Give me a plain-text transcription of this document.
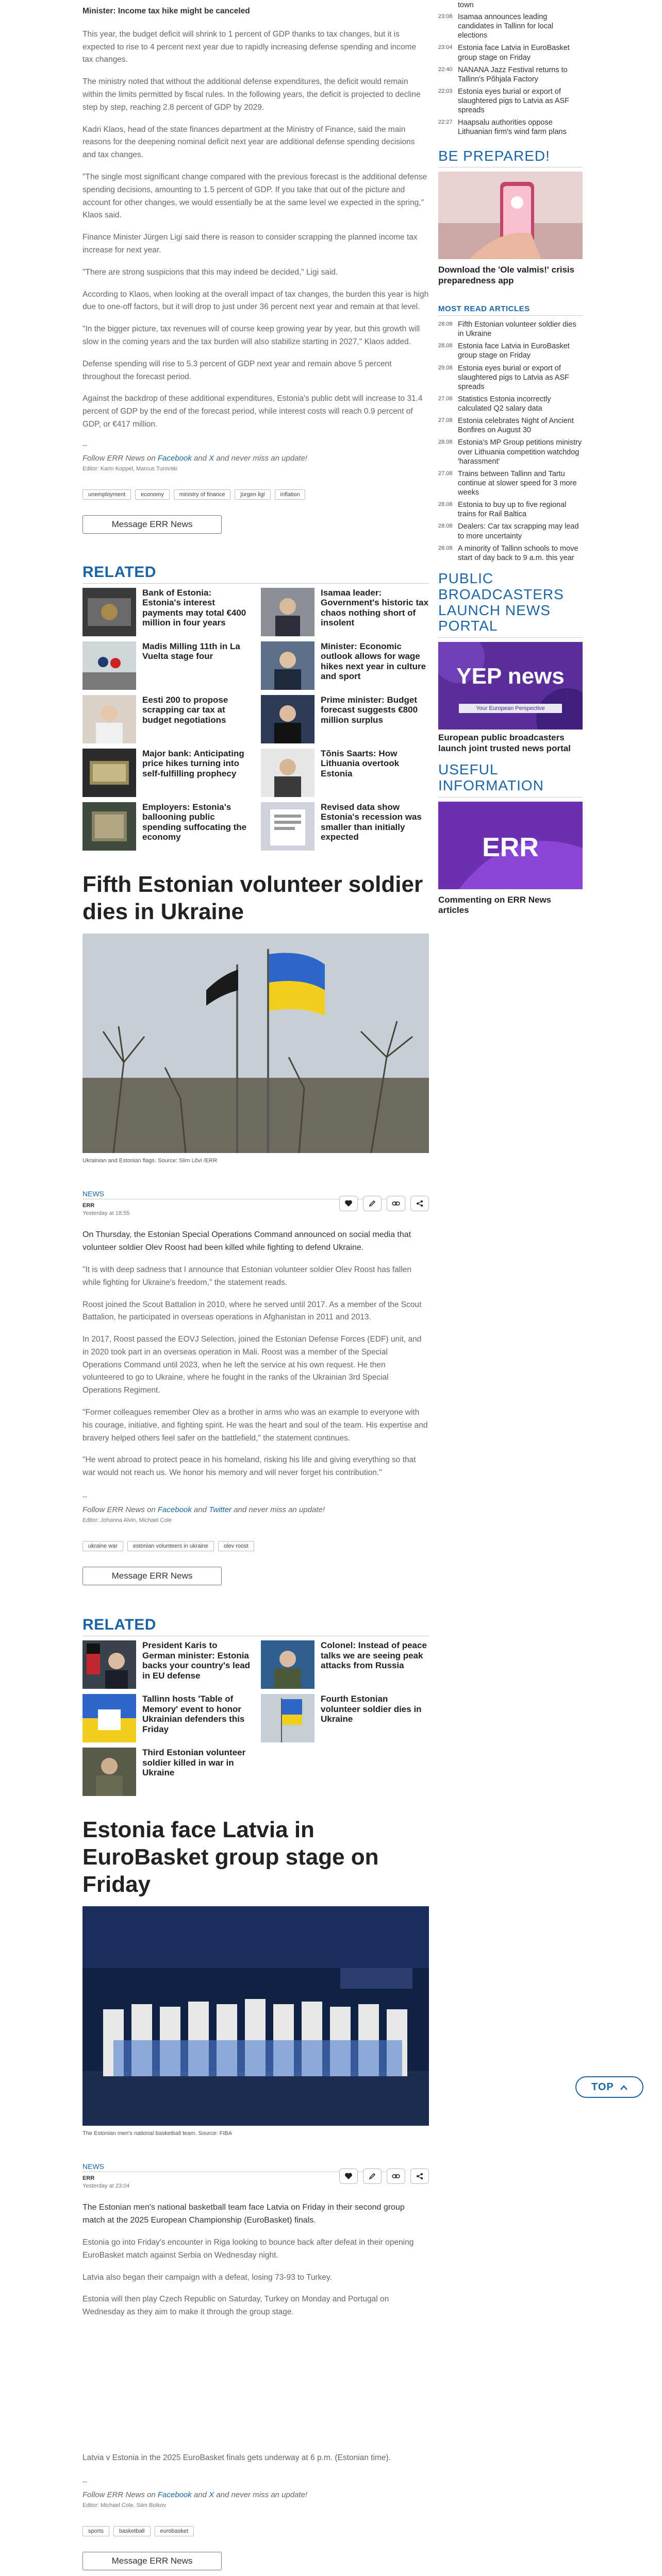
Minister: Income tax hike might be canceled

This year, the budget deficit will shrink to 1 percent of GDP thanks to tax changes, but it is expected to rise to 4 percent next year due to rapidly increasing defense spending and income tax changes.

The ministry noted that without the additional defense expenditures, the deficit would remain within the limits permitted by fiscal rules. In the following years, the deficit is projected to decline step by step, reaching 2.8 percent of GDP by 2029.

Kadri Klaos, head of the state finances department at the Ministry of Finance, said the main reasons for the deepening nominal deficit next year are additional defense spending decisions and tax changes.

"The single most significant change compared with the previous forecast is the additional defense spending decisions, amounting to 1.5 percent of GDP. If you take that out of the picture and account for other changes, we would essentially be at the same level we expected in the spring," Klaos said.

Finance Minister Jürgen Ligi said there is reason to consider scrapping the planned income tax increase for next year.

"There are strong suspicions that this may indeed be decided," Ligi said.

According to Klaos, when looking at the overall impact of tax changes, the burden this year is high due to one-off factors, but it will drop to just under 36 percent next year and remain at that level.

"In the bigger picture, tax revenues will of course keep growing year by year, but this growth will slow in the coming years and the tax burden will also stabilize starting in 2027," Klaos added.

Defense spending will rise to 5.3 percent of GDP next year and remain above 5 percent throughout the forecast period.

Against the backdrop of these additional expenditures, Estonia's public debt will increase to 31.4 percent of GDP by the end of the forecast period, while interest costs will reach 0.9 percent of GDP, or €417 million.

--
Follow ERR News on Facebook and X and never miss an update!
Editor: Karin Koppel, Marcus Turovski
unemployment	economy	ministry of finance	jürgen ligi	inflation
Message ERR News
RELATED
Bank of Estonia: Estonia's interest payments may total €400 million in four years
Isamaa leader: Government's historic tax chaos nothing short of insolent
Madis Milling 11th in La Vuelta stage four
Minister: Economic outlook allows for wage hikes next year in culture and sport
Eesti 200 to propose scrapping car tax at budget negotiations
Prime minister: Budget forecast suggests €800 million surplus
Major bank: Anticipating price hikes turning into self-fulfilling prophecy
Tõnis Saarts: How Lithuania overtook Estonia
Employers: Estonia's ballooning public spending suffocating the economy
Revised data show Estonia's recession was smaller than initially expected
Fifth Estonian volunteer soldier dies in Ukraine
Ukrainian and Estonian flags. Source: Siim Lõvi /ERR
NEWS
ERR
Yesterday at 18:55

On Thursday, the Estonian Special Operations Command announced on social media that volunteer soldier Olev Roost had been killed while fighting to defend Ukraine.

"It is with deep sadness that I announce that Estonian volunteer soldier Olev Roost has fallen while fighting for Ukraine's freedom," the statement reads.

Roost joined the Scout Battalion in 2010, where he served until 2017. As a member of the Scout Battalion, he participated in overseas operations in Afghanistan in 2011 and 2013.

In 2017, Roost passed the EOVJ Selection, joined the Estonian Defense Forces (EDF) unit, and in 2020 took part in an overseas operation in Mali. Roost was a member of the Special Operations Command until 2023, when he left the service at his own request. He then volunteered to go to Ukraine, where he fought in the ranks of the Ukrainian 3rd Special Operations Regiment.

"Former colleagues remember Olev as a brother in arms who was an example to everyone with his courage, initiative, and fighting spirit. He was the heart and soul of the team. His expertise and bravery helped others feel safer on the battlefield," the statement continues.

"He went abroad to protect peace in his homeland, risking his life and giving everything so that war would not reach us. We honor his memory and will never forget his contribution."

--
Follow ERR News on Facebook and Twitter and never miss an update!
Editor: Johanna Alvin, Michael Cole
ukraine war	estonian volunteers in ukraine	olev roost
Message ERR News
RELATED
President Karis to German minister: Estonia backs your country's lead in EU defense
Colonel: Instead of peace talks we are seeing peak attacks from Russia
Tallinn hosts 'Table of Memory' event to honor Ukrainian defenders this Friday
Fourth Estonian volunteer soldier dies in Ukraine
Third Estonian volunteer soldier killed in war in Ukraine
Estonia face Latvia in EuroBasket group stage on Friday
The Estonian men's national basketball team. Source: FIBA
NEWS
ERR
Yesterday at 23:04

The Estonian men's national basketball team face Latvia on Friday in their second group match at the 2025 European Championship (EuroBasket) finals.

Estonia go into Friday's encounter in Riga looking to bounce back after defeat in their opening EuroBasket match against Serbia on Wednesday night.

Latvia also began their campaign with a defeat, losing 73-93 to Turkey.

Estonia will then play Czech Republic on Saturday, Turkey on Monday and Portugal on Wednesday as they aim to make it through the group stage.

Latvia v Estonia in the 2025 EuroBasket finals gets underway at 6 p.m. (Estonian time).

--
Follow ERR News on Facebook and X and never miss an update!
Editor: Michael Cole, Siim Boikov
sports	basketball	eurobasket
Message ERR News
town
23:08 Isamaa announces leading candidates in Tallinn for local elections
23:04 Estonia face Latvia in EuroBasket group stage on Friday
22:40 NANANA Jazz Festival returns to Tallinn's Põhjala Factory
22:03 Estonia eyes burial or export of slaughtered pigs to Latvia as ASF spreads
22:27 Haapsalu authorities oppose Lithuanian firm's wind farm plans
BE PREPARED!
Download the 'Ole valmis!' crisis preparedness app
MOST READ ARTICLES
28.08 Fifth Estonian volunteer soldier dies in Ukraine
28.08 Estonia face Latvia in EuroBasket group stage on Friday
29.08 Estonia eyes burial or export of slaughtered pigs to Latvia as ASF spreads
27.08 Statistics Estonia incorrectly calculated Q2 salary data
27.08 Estonia celebrates Night of Ancient Bonfires on August 30
28.08 Estonia's MP Group petitions ministry over Lithuania competition watchdog 'harassment'
27.08 Trains between Tallinn and Tartu continue at slower speed for 3 more weeks
28.08 Estonia to buy up to five regional trains for Rail Baltica
28.08 Dealers: Car tax scrapping may lead to more uncertainty
28.08 A minority of Tallinn schools to move start of day back to 9 a.m. this year
PUBLIC BROADCASTERS LAUNCH NEWS PORTAL
YEP news
Your European Perspective
European public broadcasters launch joint trusted news portal
USEFUL INFORMATION
ERR
Commenting on ERR News articles
TOP
